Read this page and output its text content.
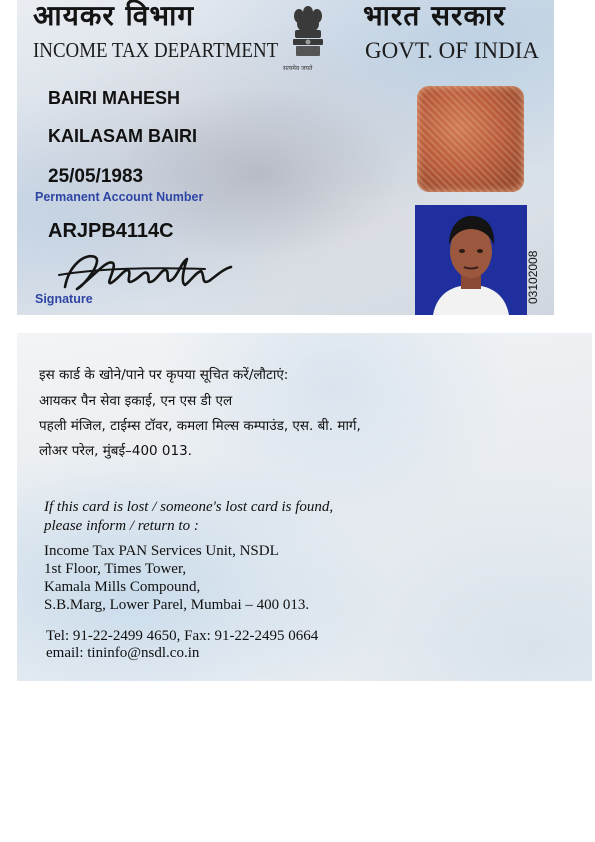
आयकर विभाग
INCOME TAX DEPARTMENT
सत्यमेव जयते
भारत सरकार
GOVT. OF INDIA
BAIRI MAHESH
KAILASAM BAIRI
25/05/1983
Permanent Account Number
ARJPB4114C
Signature	03102008
इस कार्ड के खोने/पाने पर कृपया सूचित करें/लौटाएं:
आयकर पैन सेवा इकाई, एन एस डी एल
पहली मंजिल, टाईम्स टॉवर, कमला मिल्स कम्पाउंड, एस. बी. मार्ग,
लोअर परेल, मुंबई–400 013.
If this card is lost / someone's lost card is found,
please inform / return to :
Income Tax PAN Services Unit, NSDL
1st Floor, Times Tower,
Kamala Mills Compound,
S.B.Marg, Lower Parel, Mumbai – 400 013.
Tel: 91-22-2499 4650, Fax: 91-22-2495 0664
email: tininfo@nsdl.co.in
